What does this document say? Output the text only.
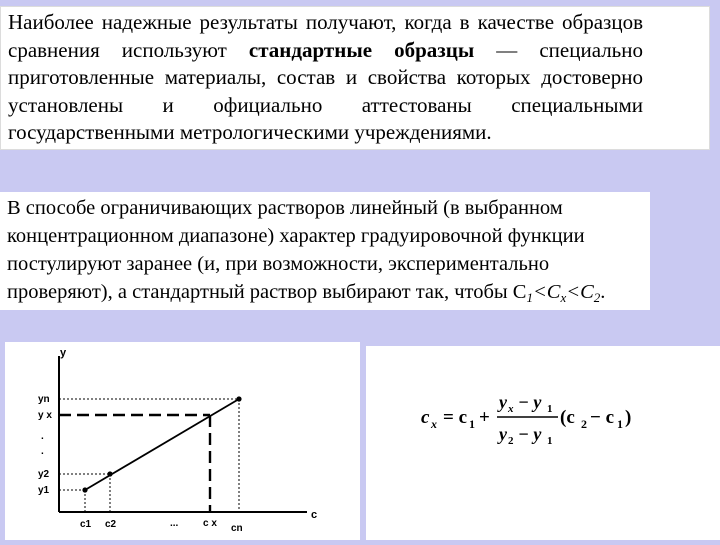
Наиболее надежные результаты получают, когда в качестве образцов сравнения используют стандартные образцы — специально приготовленные материалы, состав и свойства которых достоверно установлены и официально аттестованы специальными государственными метрологическими учреждениями.
В способе ограничивающих растворов линейный (в выбранном концентрационном диапазоне) характер градуировочной функции постулируют заранее (и, при возможности, экспериментально проверяют), а стандартный раствор выбирают так, чтобы $С_1<C_x<C_2$.
y
c
yn
y x
.
.
y2
y1
c1 c2	... c x cn
c x = c 1 +
y x − y 1
y 2 − y 1
(c 2 − c 1 )
